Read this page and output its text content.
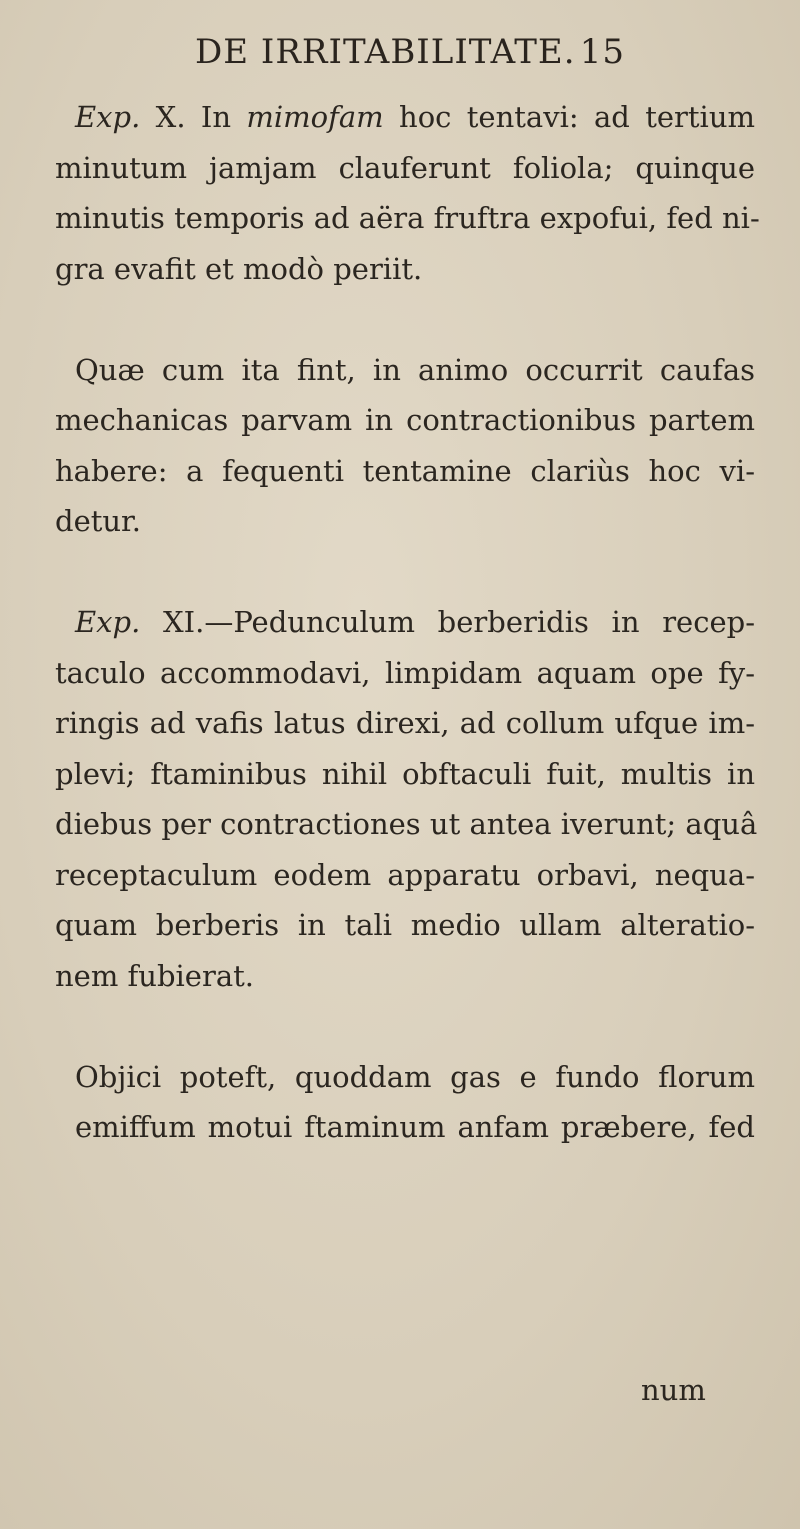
DE IRRITABILITATE. 15

Exp. X. In mimofam hoc tentavi: ad tertium
minutum jamjam clauferunt foliola; quinque
minutis temporis ad aëra fruftra expofui, fed ni-
gra evafit et modò periit.

Quæ cum ita fint, in animo occurrit caufas
mechanicas parvam in contractionibus partem
habere: a fequenti tentamine clariùs hoc vi-
detur.

Exp. XI.—Pedunculum berberidis in recep-
taculo accommodavi, limpidam aquam ope fy-
ringis ad vafis latus direxi, ad collum ufque im-
plevi; ftaminibus nihil obftaculi fuit, multis in
diebus per contractiones ut antea iverunt; aquâ
receptaculum eodem apparatu orbavi, nequa-
quam berberis in tali medio ullam alteratio-
nem fubierat.

Objici poteft, quoddam gas e fundo florum
emiffum motui ftaminum anfam præbere, fed

num
